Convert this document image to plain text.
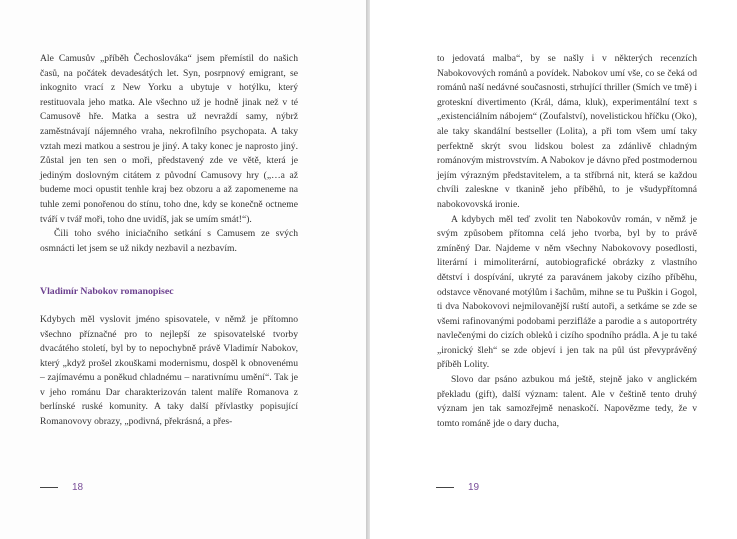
Ale Camusův „příběh Čechoslováka“ jsem přemístil do našich časů, na počátek devadesátých let. Syn, posrpnový emigrant, se inkognito vrací z New Yorku a ubytuje v hotýlku, který restituovala jeho matka. Ale všechno už je hodně jinak než v té Camusově hře. Matka a sestra už nevraždí samy, nýbrž zaměstnávají nájemného vraha, nekrofilního psychopata. A taky vztah mezi matkou a sestrou je jiný. A taky konec je naprosto jiný. Zůstal jen ten sen o moři, představený zde ve větě, která je jediným doslovným citátem z původní Camusovy hry („…a až budeme moci opustit tenhle kraj bez obzoru a až zapomeneme na tuhle zemi ponořenou do stínu, toho dne, kdy se konečně octneme tváří v tvář moři, toho dne uvidíš, jak se umím smát!“).

Čili toho svého iniciačního setkání s Camusem ze svých osmnácti let jsem se už nikdy nezbavil a nezbavím.

Vladimír Nabokov romanopisec

Kdybych měl vyslovit jméno spisovatele, v němž je přítomno všechno příznačné pro to nejlepší ze spisovatelské tvorby dvacátého století, byl by to nepochybně právě Vladimír Nabokov, který „když prošel zkouškami modernismu, dospěl k obnovenému – zajímavému a poněkud chladnému – narativnímu umění“. Tak je v jeho románu Dar charakterizován talent malíře Romanova z berlínské ruské komunity. A taky další přívlastky popisující Romanovovy obrazy, „podivná, překrásná, a přes-

18

to jedovatá malba“, by se našly i v některých recenzích Nabokovových románů a povídek. Nabokov umí vše, co se čeká od románů naší nedávné současnosti, strhující thriller (Smích ve tmě) i groteskní divertimento (Král, dáma, kluk), experimentální text s „existenciálním nábojem“ (Zoufalství), novelistickou hříčku (Oko), ale taky skandální bestseller (Lolita), a při tom všem umí taky perfektně skrýt svou lidskou bolest za zdánlivě chladným románovým mistrovstvím. A Nabokov je dávno před postmodernou jejím výrazným představitelem, a ta stříbrná nit, která se každou chvíli zaleskne v tkanině jeho příběhů, to je všudypřítomná nabokovovská ironie.

A kdybych měl teď zvolit ten Nabokovův román, v němž je svým způsobem přítomna celá jeho tvorba, byl by to právě zmíněný Dar. Najdeme v něm všechny Nabokovovy posedlosti, literární i mimoliterární, autobiografické obrázky z vlastního dětství i dospívání, ukryté za paravánem jakoby cizího příběhu, odstavce věnované motýlům i šachům, mihne se tu Puškin i Gogol, ti dva Nabokovovi nejmilovanější ruští autoři, a setkáme se zde se všemi rafinovanými podobami perzifláže a parodie a s autoportréty navlečenými do cizích obleků i cizího spodního prádla. A je tu také „ironický šleh“ se zde objeví i jen tak na půl úst převyprávěný příběh Lolity.

Slovo dar psáno azbukou má ještě, stejně jako v anglickém překladu (gift), další význam: talent. Ale v češtině tento druhý význam jen tak samozřejmě nenaskočí. Napovězme tedy, že v tomto románě jde o dary ducha,

19
